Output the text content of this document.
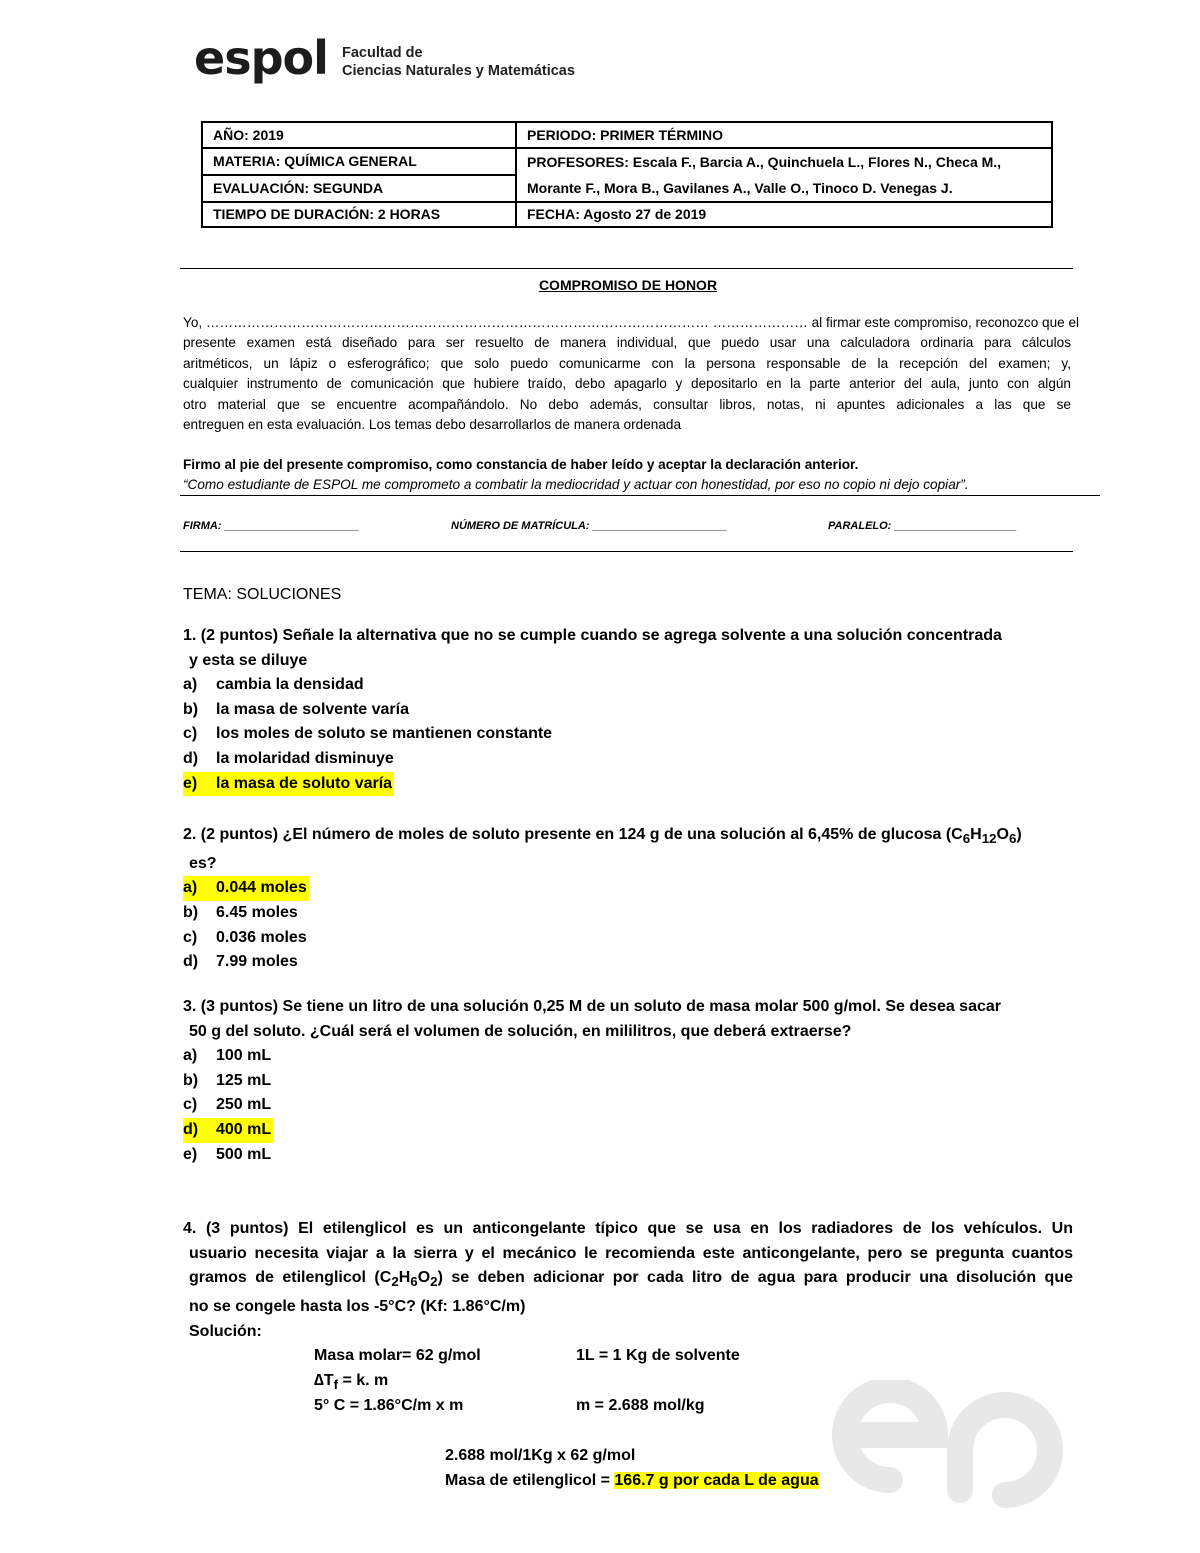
espol Facultad de
Ciencias Naturales y Matemáticas
AÑO: 2019	PERIODO: PRIMER TÉRMINO
MATERIA: QUÍMICA GENERAL	PROFESORES: Escala F., Barcia A., Quinchuela L., Flores N., Checa M., Morante F., Mora B., Gavilanes A., Valle O., Tinoco D. Venegas J.
EVALUACIÓN: SEGUNDA	
TIEMPO DE DURACIÓN: 2 HORAS	FECHA: Agosto 27 de 2019
COMPROMISO DE HONOR
Yo, ………………………………………………………………………………………………… ………………… al firmar este compromiso, reconozco que el
presente examen está diseñado para ser resuelto de manera individual, que puedo usar una calculadora ordinaria para cálculos
aritméticos, un lápiz o esferográfico; que solo puedo comunicarme con la persona responsable de la recepción del examen; y,
cualquier instrumento de comunicación que hubiere traído, debo apagarlo y depositarlo en la parte anterior del aula, junto con algún
otro material que se encuentre acompañándolo. No debo además, consultar libros, notas, ni apuntes adicionales a las que se
entreguen en esta evaluación. Los temas debo desarrollarlos de manera ordenada
Firmo al pie del presente compromiso, como constancia de haber leído y aceptar la declaración anterior.
“Como estudiante de ESPOL me comprometo a combatir la mediocridad y actuar con honestidad, por eso no copio ni dejo copiar”.
FIRMA: ______________________	NÚMERO DE MATRÍCULA: ______________________	PARALELO: ____________________
TEMA: SOLUCIONES
1. (2 puntos) Señale la alternativa que no se cumple cuando se agrega solvente a una solución concentrada
y esta se diluye
a) cambia la densidad
b) la masa de solvente varía
c) los moles de soluto se mantienen constante
d) la molaridad disminuye
e) la masa de soluto varía
2. (2 puntos) ¿El número de moles de soluto presente en 124 g de una solución al 6,45% de glucosa $(C_6H_{12}O_6)$
es?
a) 0.044 moles
b) 6.45 moles
c) 0.036 moles
d) 7.99 moles
3. (3 puntos) Se tiene un litro de una solución 0,25 M de un soluto de masa molar 500 g/mol. Se desea sacar
50 g del soluto. ¿Cuál será el volumen de solución, en mililitros, que deberá extraerse?
a) 100 mL
b) 125 mL
c) 250 mL
d) 400 mL

e) 500 mL
4. (3 puntos) El etilenglicol es un anticongelante típico que se usa en los radiadores de los vehículos. Un
usuario necesita viajar a la sierra y el mecánico le recomienda este anticongelante, pero se pregunta cuantos
gramos de etilenglicol $(C_2H_6O_2)$ se deben adicionar por cada litro de agua para producir una disolución que
no se congele hasta los -5°C? (Kf: 1.86°C/m)
Solución:
Masa molar= 62 g/mol	1L = 1 Kg de solvente
$\Delta T_f = k$. m
5° C = 1.86°C/m x m	m = 2.688 mol/kg
2.688 mol/1Kg x 62 g/mol
Masa de etilenglicol = 166.7 g por cada L de agua
